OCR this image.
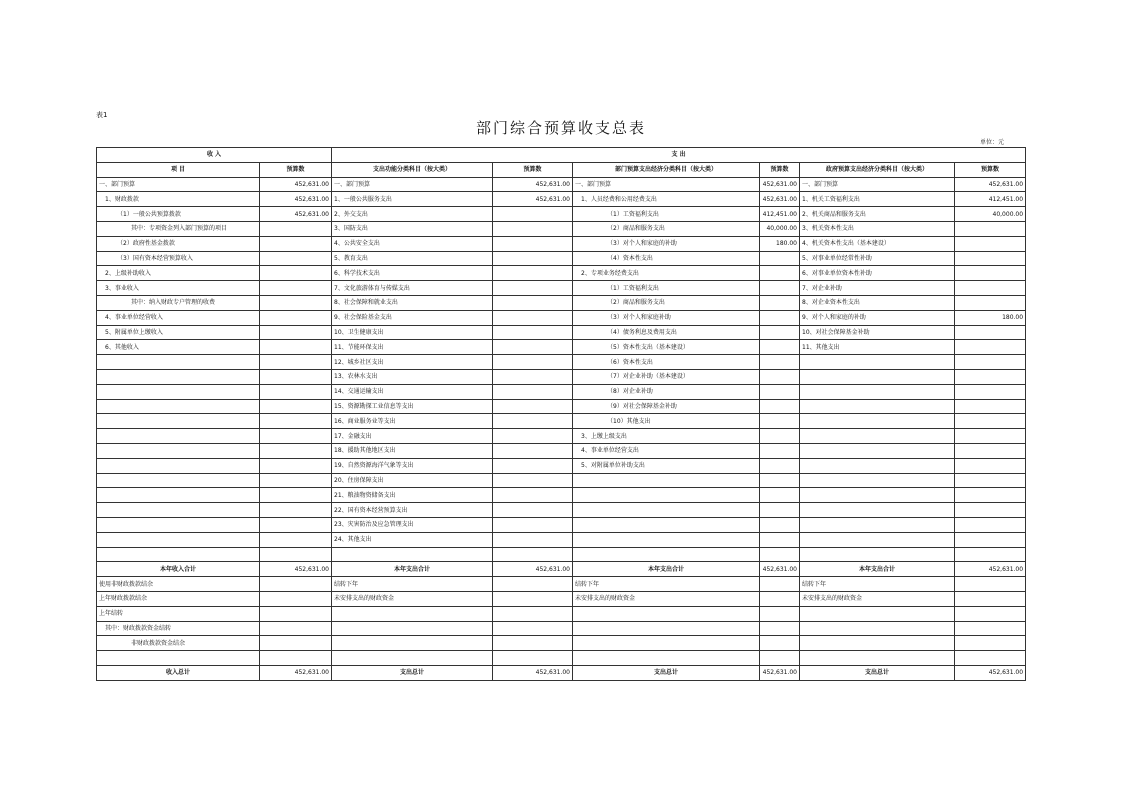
表1
部门综合预算收支总表
单位：元
收 入		支 出					
项 目	预算数	支出功能分类科目（按大类）	预算数	部门预算支出经济分类科目（按大类）	预算数	政府预算支出经济分类科目（按大类）	预算数
一、部门预算	452,631.00	一、部门预算	452,631.00	一、部门预算	452,631.00	一、部门预算	452,631.00
1、财政拨款	452,631.00	1、一般公共服务支出	452,631.00	1、人员经费和公用经费支出	452,631.00	1、机关工资福利支出	412,451.00
（1）一般公共预算拨款	452,631.00	2、外交支出		（1）工资福利支出	412,451.00	2、机关商品和服务支出	40,000.00
其中：专项资金列入部门预算的项目		3、国防支出		（2）商品和服务支出	40,000.00	3、机关资本性支出	
（2）政府性基金拨款		4、公共安全支出		（3）对个人和家庭的补助	180.00	4、机关资本性支出（基本建设）	
（3）国有资本经营预算收入		5、教育支出		（4）资本性支出		5、对事业单位经常性补助	
2、上级补助收入		6、科学技术支出		2、专项业务经费支出		6、对事业单位资本性补助	
3、事业收入		7、文化旅游体育与传媒支出		（1）工资福利支出		7、对企业补助	
其中：纳入财政专户管理的收费		8、社会保障和就业支出		（2）商品和服务支出		8、对企业资本性支出	
4、事业单位经营收入		9、社会保险基金支出		（3）对个人和家庭补助		9、对个人和家庭的补助	180.00
5、附属单位上缴收入		10、卫生健康支出		（4）债务利息及费用支出		10、对社会保障基金补助	
6、其他收入		11、节能环保支出		（5）资本性支出（基本建设）		11、其他支出	
		12、城乡社区支出		（6）资本性支出			
		13、农林水支出		（7）对企业补助（基本建设）			
		14、交通运输支出		（8）对企业补助			
		15、资源勘探工业信息等支出		（9）对社会保障基金补助			
		16、商业服务业等支出		（10）其他支出			
		17、金融支出		3、上缴上级支出			
		18、援助其他地区支出		4、事业单位经营支出			
		19、自然资源海洋气象等支出		5、对附属单位补助支出			
		20、住房保障支出					
		21、粮油物资储备支出					
		22、国有资本经营预算支出					
		23、灾害防治及应急管理支出					
		24、其他支出					

本年收入合计	452,631.00	本年支出合计	452,631.00	本年支出合计	452,631.00	本年支出合计	452,631.00
使用非财政拨款结余		结转下年		结转下年		结转下年	
上年财政拨款结余		未安排支出的财政资金		未安排支出的财政资金		未安排支出的财政资金	
上年结转							
其中：财政拨款资金结转							
非财政拨款资金结余							

收入总计	452,631.00	支出总计	452,631.00	支出总计	452,631.00	支出总计	452,631.00
